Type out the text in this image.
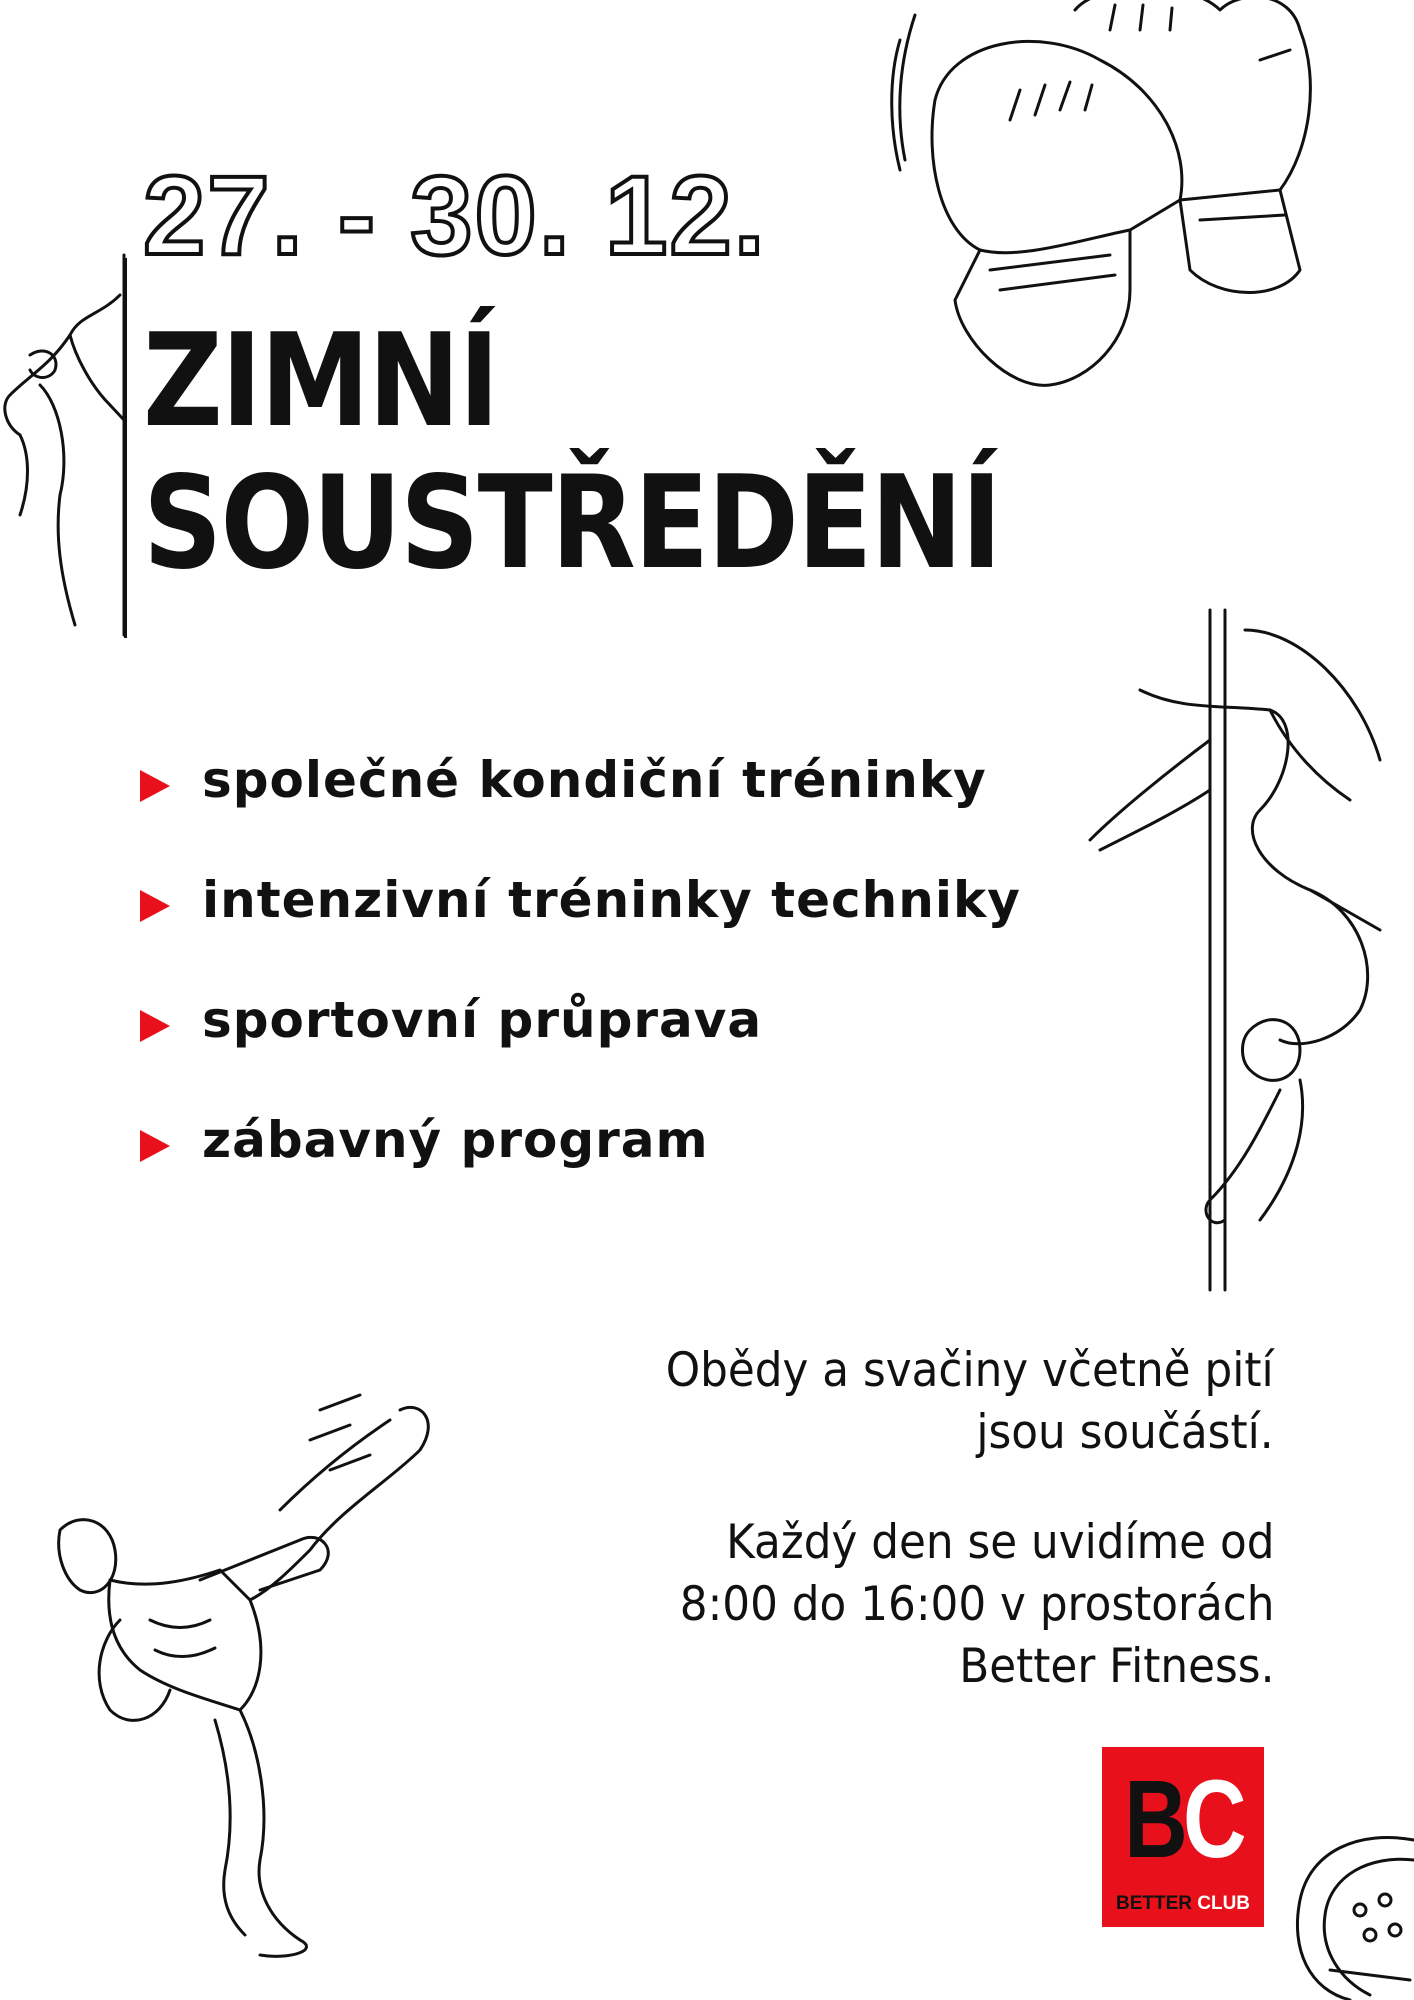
27. - 30. 12.
ZIMNÍ
SOUSTŘEDĚNÍ
společné kondiční tréninky
intenzivní tréninky techniky
sportovní průprava
zábavný program

Obědy a svačiny včetně pití

jsou součástí.

Každý den se uvidíme od

8:00 do 16:00 v prostorách

Better Fitness.

BC
BETTER CLUB
